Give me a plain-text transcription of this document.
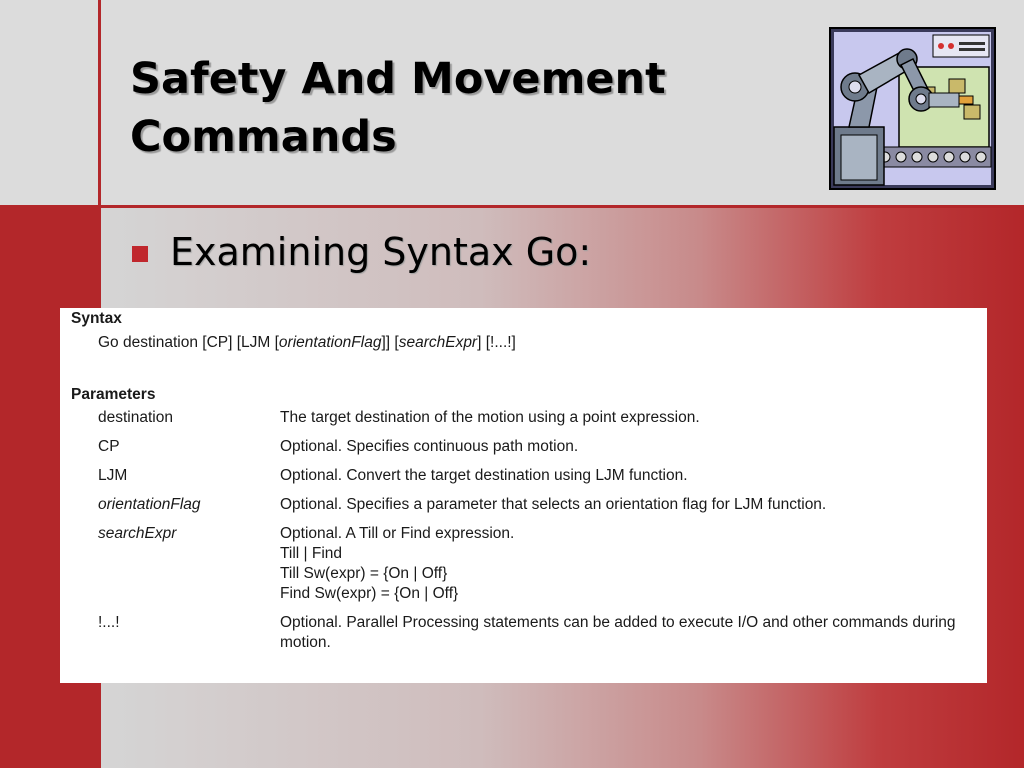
Safety And Movement
Commands
Examining Syntax Go:
Syntax
Go destination [CP] [LJM [orientationFlag]] [searchExpr] [!...!]
Parameters
destination	The target destination of the motion using a point expression.
CP	Optional. Specifies continuous path motion.
LJM	Optional. Convert the target destination using LJM function.
orientationFlag	Optional. Specifies a parameter that selects an orientation flag for LJM function.
searchExpr	Optional. A Till or Find expression.
Till | Find
Till Sw(expr) = {On | Off}
Find Sw(expr) = {On | Off}

!...!	Optional. Parallel Processing statements can be added to execute I/O and other commands during motion.
